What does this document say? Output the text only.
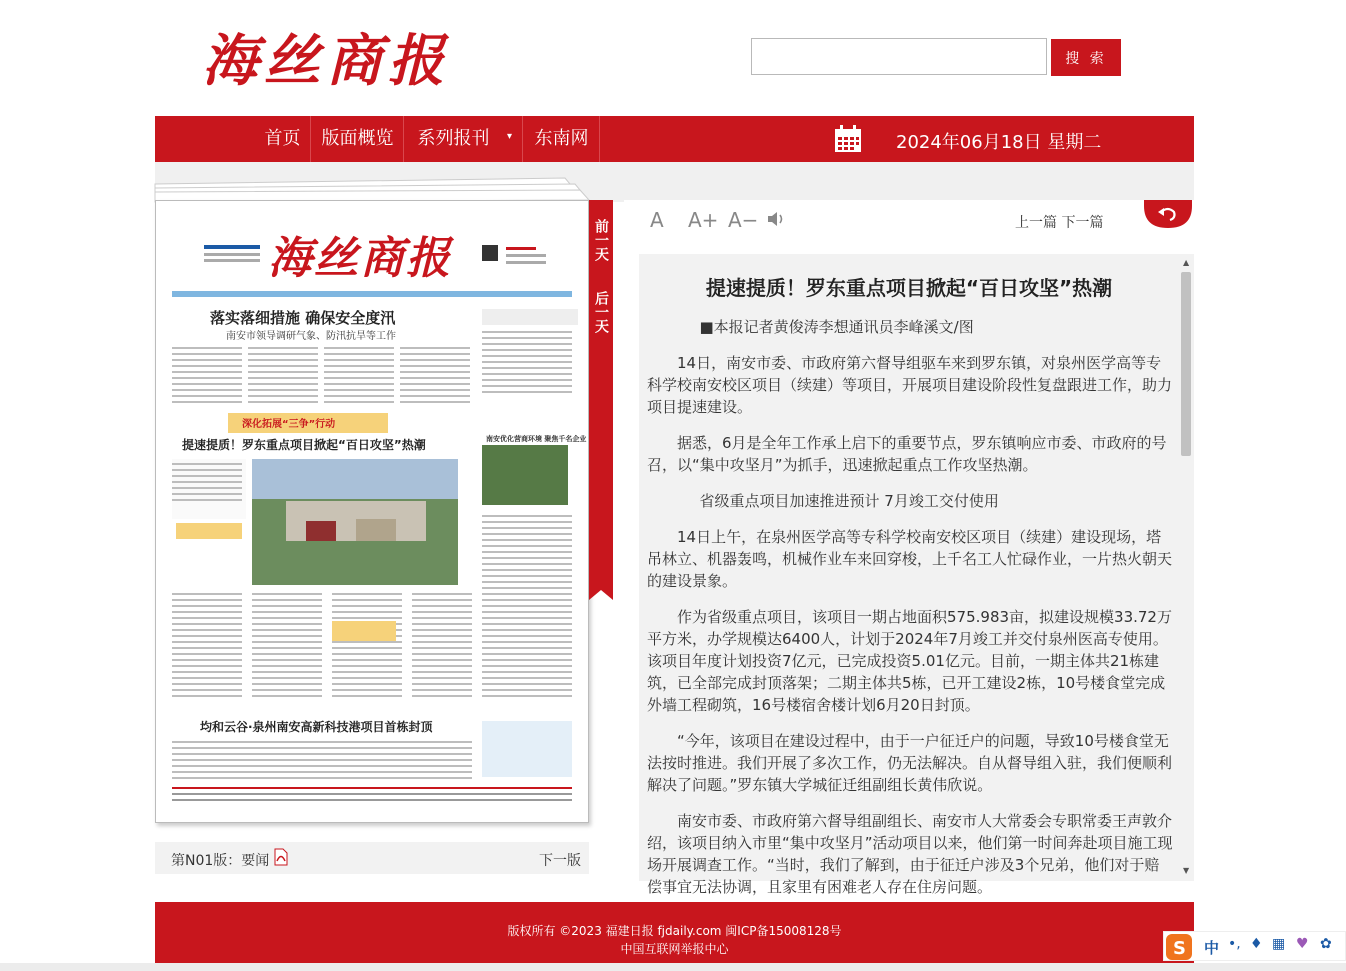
海丝商报	搜 索
首页	版面概览	系列报刊 ▾	东南网	2024年06月18日 星期二
海丝商报
落实落细措施 确保安全度汛
南安市领导调研气象、防汛抗旱等工作
深化拓展“三争”行动
提速提质！罗东重点项目掀起“百日攻坚”热潮	南安优化营商环境 聚焦千名企业
均和云谷·泉州南安高新科技港项目首栋封顶
前一天
后一天
第N01版：要闻	下一版
A A+ A−	上一篇 下一篇
提速提质！罗东重点项目掀起“百日攻坚”热潮

■本报记者黄俊涛李想通讯员李峰溪文/图

14日，南安市委、市政府第六督导组驱车来到罗东镇，对泉州医学高等专科学校南安校区项目（续建）等项目，开展项目建设阶段性复盘跟进工作，助力项目提速建设。

据悉，6月是全年工作承上启下的重要节点，罗东镇响应市委、市政府的号召，以“集中攻坚月”为抓手，迅速掀起重点工作攻坚热潮。

省级重点项目加速推进预计 7月竣工交付使用

14日上午，在泉州医学高等专科学校南安校区项目（续建）建设现场，塔吊林立、机器轰鸣，机械作业车来回穿梭，上千名工人忙碌作业，一片热火朝天的建设景象。

作为省级重点项目，该项目一期占地面积575.983亩，拟建设规模33.72万平方米，办学规模达6400人，计划于2024年7月竣工并交付泉州医高专使用。该项目年度计划投资7亿元，已完成投资5.01亿元。目前，一期主体共21栋建筑，已全部完成封顶落架；二期主体共5栋，已开工建设2栋，10号楼食堂完成外墙工程砌筑，16号楼宿舍楼计划6月20日封顶。

“今年，该项目在建设过程中，由于一户征迁户的问题，导致10号楼食堂无法按时推进。我们开展了多次工作，仍无法解决。自从督导组入驻，我们便顺利解决了问题。”罗东镇大学城征迁组副组长黄伟欣说。

南安市委、市政府第六督导组副组长、南安市人大常委会专职常委王声敦介绍，该项目纳入市里“集中攻坚月”活动项目以来，他们第一时间奔赴项目施工现场开展调查工作。“当时，我们了解到，由于征迁户涉及3个兄弟，他们对于赔偿事宜无法协调，且家里有困难老人存在住房问题。

▼
▲
版权所有 ©2023 福建日报 fjdaily.com 闽ICP备15008128号
中国互联网举报中心	S 中 •, ♦ ▦ ♥ ✿
